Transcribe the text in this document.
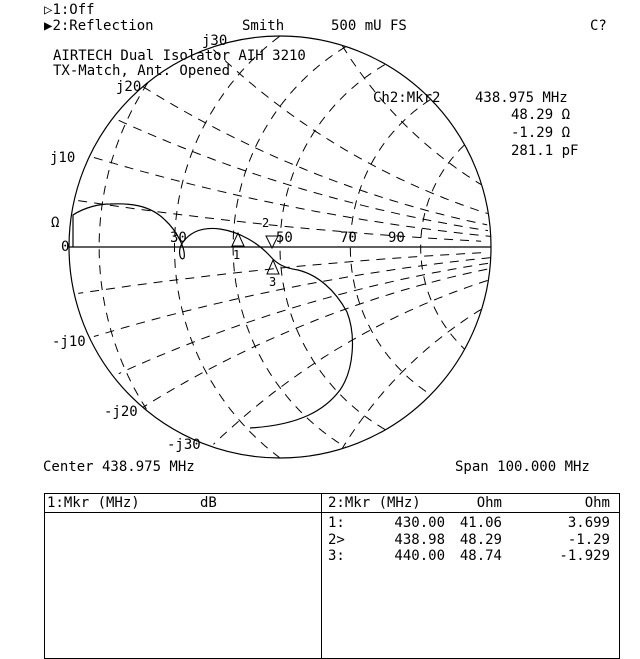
▷1:Off
▶2:Reflection	Smith	500 mU FS	C?
AIRTECH Dual Isolator AIH 3210
TX-Match, Ant. Opened
Ch2:Mkr2 438.975 MHz
48.29 Ω
-1.29 Ω
281.1 pF
0
30	50	70 90
Ω
j30
j20
j10
-j10
-j20
-j30
1
2
3
Center 438.975 MHz	Span 100.000 MHz
1:Mkr (MHz)	dB	2:Mkr (MHz)	Ohm	Ohm
1:	430.00	41.06	3.699
2>	438.98	48.29	-1.29
3:	440.00	48.74	-1.929
